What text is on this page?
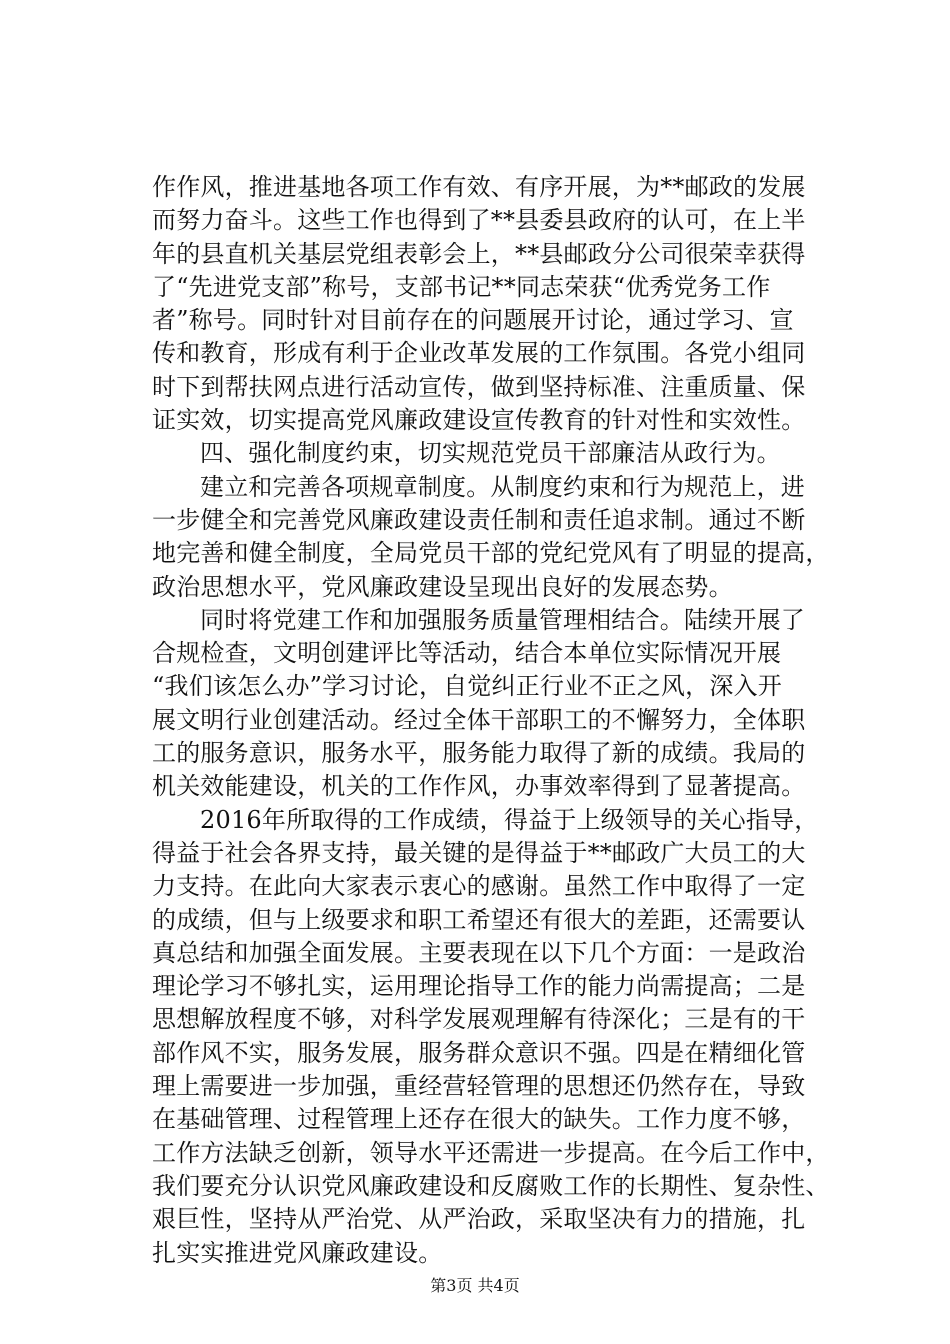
作作风，推进基地各项工作有效、有序开展，为**邮政的发展
而努力奋斗。这些工作也得到了**县委县政府的认可，在上半
年的县直机关基层党组表彰会上，**县邮政分公司很荣幸获得
了“先进党支部”称号，支部书记**同志荣获“优秀党务工作
者”称号。同时针对目前存在的问题展开讨论，通过学习、宣
传和教育，形成有利于企业改革发展的工作氛围。各党小组同
时下到帮扶网点进行活动宣传，做到坚持标准、注重质量、保
证实效，切实提高党风廉政建设宣传教育的针对性和实效性。
四、强化制度约束，切实规范党员干部廉洁从政行为。
建立和完善各项规章制度。从制度约束和行为规范上，进
一步健全和完善党风廉政建设责任制和责任追求制。通过不断
地完善和健全制度，全局党员干部的党纪党风有了明显的提高，
政治思想水平，党风廉政建设呈现出良好的发展态势。
同时将党建工作和加强服务质量管理相结合。陆续开展了
合规检查，文明创建评比等活动，结合本单位实际情况开展
“我们该怎么办”学习讨论，自觉纠正行业不正之风，深入开
展文明行业创建活动。经过全体干部职工的不懈努力，全体职
工的服务意识，服务水平，服务能力取得了新的成绩。我局的
机关效能建设，机关的工作作风，办事效率得到了显著提高。
2016年所取得的工作成绩，得益于上级领导的关心指导，
得益于社会各界支持，最关键的是得益于**邮政广大员工的大
力支持。在此向大家表示衷心的感谢。虽然工作中取得了一定
的成绩，但与上级要求和职工希望还有很大的差距，还需要认
真总结和加强全面发展。主要表现在以下几个方面：一是政治
理论学习不够扎实，运用理论指导工作的能力尚需提高；二是
思想解放程度不够，对科学发展观理解有待深化；三是有的干
部作风不实，服务发展，服务群众意识不强。四是在精细化管
理上需要进一步加强，重经营轻管理的思想还仍然存在，导致
在基础管理、过程管理上还存在很大的缺失。工作力度不够，
工作方法缺乏创新，领导水平还需进一步提高。在今后工作中，
我们要充分认识党风廉政建设和反腐败工作的长期性、复杂性、
艰巨性，坚持从严治党、从严治政，采取坚决有力的措施，扎
扎实实推进党风廉政建设。
第3页 共4页
